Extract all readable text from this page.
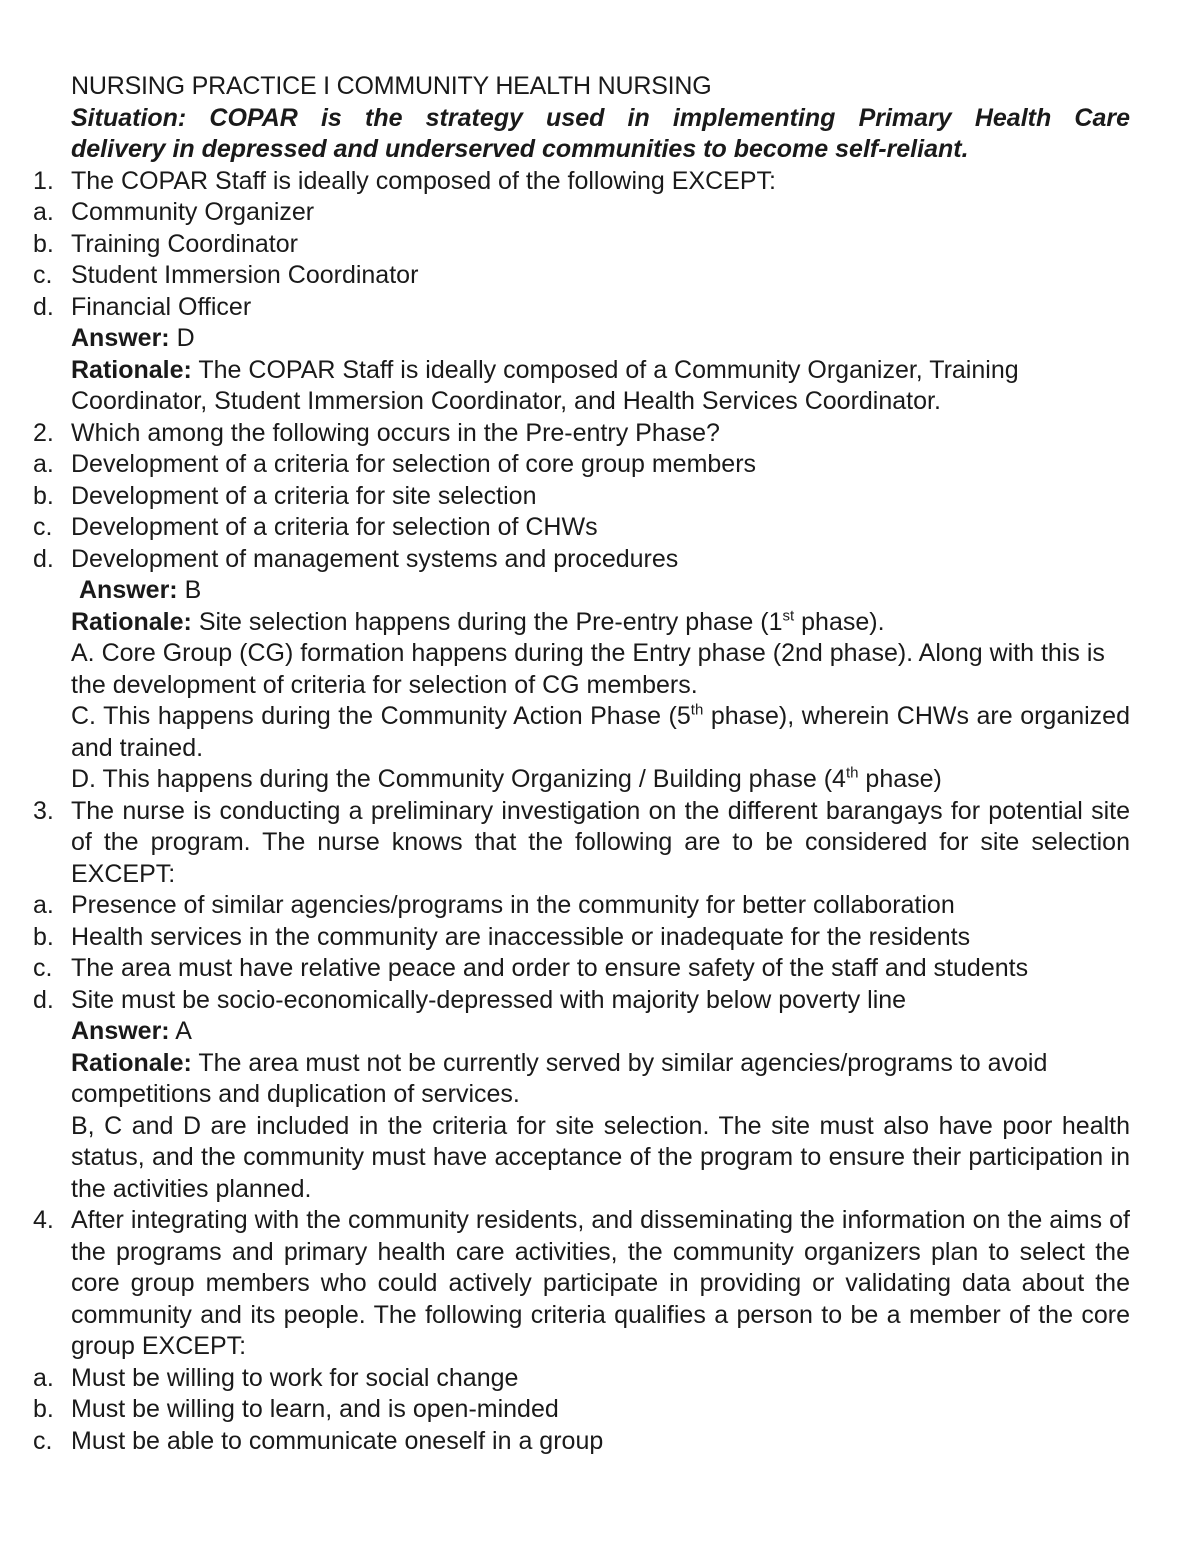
NURSING PRACTICE I COMMUNITY HEALTH NURSING
Situation: COPAR is the strategy used in implementing Primary Health Care
delivery in depressed and underserved communities to become self-reliant.
1. The COPAR Staff is ideally composed of the following EXCEPT:
a. Community Organizer
b. Training Coordinator
c. Student Immersion Coordinator
d. Financial Officer
Answer: D
Rationale: The COPAR Staff is ideally composed of a Community Organizer, Training Coordinator, Student Immersion Coordinator, and Health Services Coordinator.
2. Which among the following occurs in the Pre-entry Phase?
a. Development of a criteria for selection of core group members
b. Development of a criteria for site selection
c. Development of a criteria for selection of CHWs
d. Development of management systems and procedures
Answer: B
Rationale: Site selection happens during the Pre-entry phase (1st phase).
A. Core Group (CG) formation happens during the Entry phase (2nd phase). Along with this is the development of criteria for selection of CG members.
C. This happens during the Community Action Phase (5th phase), wherein CHWs are organized and trained.
D. This happens during the Community Organizing / Building phase (4th phase)
3. The nurse is conducting a preliminary investigation on the different barangays for potential site of the program. The nurse knows that the following are to be considered for site selection EXCEPT:
a. Presence of similar agencies/programs in the community for better collaboration
b. Health services in the community are inaccessible or inadequate for the residents
c. The area must have relative peace and order to ensure safety of the staff and students
d. Site must be socio-economically-depressed with majority below poverty line
Answer: A
Rationale: The area must not be currently served by similar agencies/programs to avoid competitions and duplication of services.
B, C and D are included in the criteria for site selection. The site must also have poor health status, and the community must have acceptance of the program to ensure their participation in the activities planned.
4. After integrating with the community residents, and disseminating the information on the aims of the programs and primary health care activities, the community organizers plan to select the core group members who could actively participate in providing or validating data about the community and its people. The following criteria qualifies a person to be a member of the core group EXCEPT:
a. Must be willing to work for social change
b. Must be willing to learn, and is open-minded
c. Must be able to communicate oneself in a group
